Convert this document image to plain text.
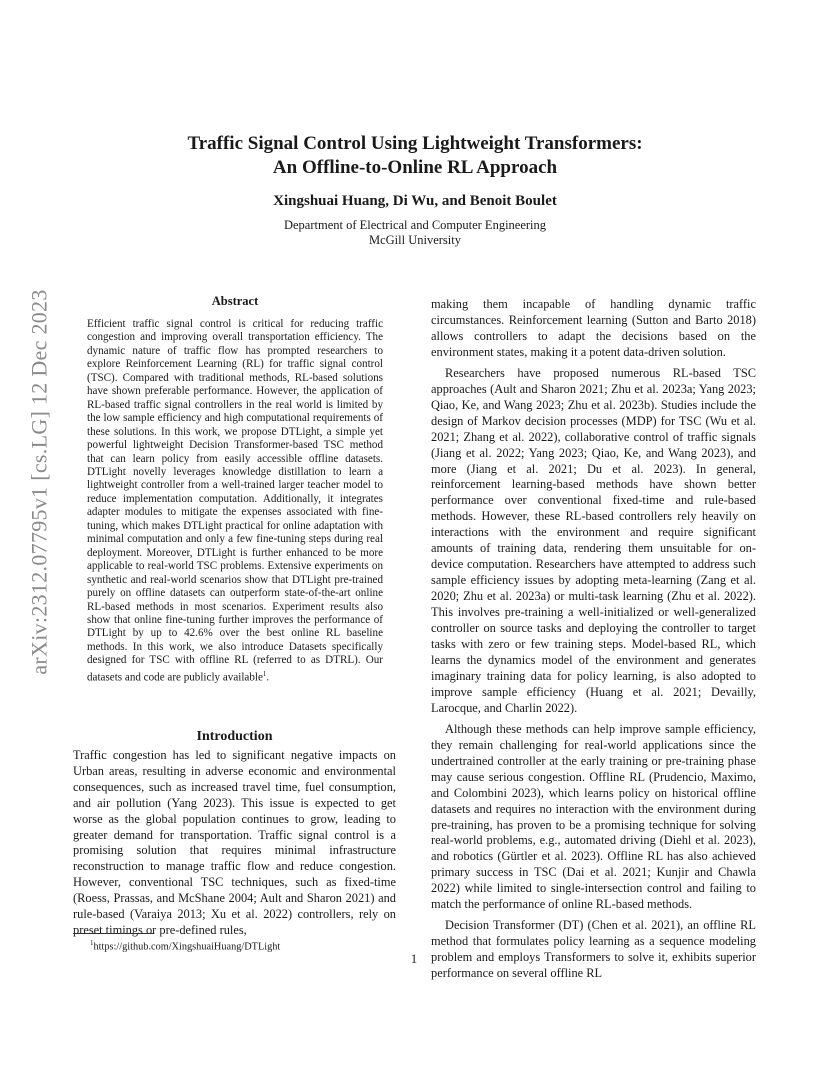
arXiv:2312.07795v1 [cs.LG] 12 Dec 2023
Traffic Signal Control Using Lightweight Transformers:
An Offline-to-Online RL Approach
Xingshuai Huang, Di Wu, and Benoit Boulet
Department of Electrical and Computer Engineering
McGill University
Abstract

Efficient traffic signal control is critical for reducing traffic congestion and improving overall transportation efficiency. The dynamic nature of traffic flow has prompted researchers to explore Reinforcement Learning (RL) for traffic signal control (TSC). Compared with traditional methods, RL-based solutions have shown preferable performance. However, the application of RL-based traffic signal controllers in the real world is limited by the low sample efficiency and high computational requirements of these solutions. In this work, we propose DTLight, a simple yet powerful lightweight Decision Transformer-based TSC method that can learn policy from easily accessible offline datasets. DTLight novelly leverages knowledge distillation to learn a lightweight controller from a well-trained larger teacher model to reduce implementation computation. Additionally, it integrates adapter modules to mitigate the expenses associated with fine-tuning, which makes DTLight practical for online adaptation with minimal computation and only a few fine-tuning steps during real deployment. Moreover, DTLight is further enhanced to be more applicable to real-world TSC problems. Extensive experiments on synthetic and real-world scenarios show that DTLight pre-trained purely on offline datasets can outperform state-of-the-art online RL-based methods in most scenarios. Experiment results also show that online fine-tuning further improves the performance of DTLight by up to 42.6% over the best online RL baseline methods. In this work, we also introduce Datasets specifically designed for TSC with offline RL (referred to as DTRL). Our datasets and code are publicly available$^1$.

Introduction

Traffic congestion has led to significant negative impacts on Urban areas, resulting in adverse economic and environmental consequences, such as increased travel time, fuel consumption, and air pollution (Yang 2023). This issue is expected to get worse as the global population continues to grow, leading to greater demand for transportation. Traffic signal control is a promising solution that requires minimal infrastructure reconstruction to manage traffic flow and reduce congestion. However, conventional TSC techniques, such as fixed-time (Roess, Prassas, and McShane 2004; Ault and Sharon 2021) and rule-based (Varaiya 2013; Xu et al. 2022) controllers, rely on preset timings or pre-defined rules,

making them incapable of handling dynamic traffic circumstances. Reinforcement learning (Sutton and Barto 2018) allows controllers to adapt the decisions based on the environment states, making it a potent data-driven solution.

Researchers have proposed numerous RL-based TSC approaches (Ault and Sharon 2021; Zhu et al. 2023a; Yang 2023; Qiao, Ke, and Wang 2023; Zhu et al. 2023b). Studies include the design of Markov decision processes (MDP) for TSC (Wu et al. 2021; Zhang et al. 2022), collaborative control of traffic signals (Jiang et al. 2022; Yang 2023; Qiao, Ke, and Wang 2023), and more (Jiang et al. 2021; Du et al. 2023). In general, reinforcement learning-based methods have shown better performance over conventional fixed-time and rule-based methods. However, these RL-based controllers rely heavily on interactions with the environment and require significant amounts of training data, rendering them unsuitable for on-device computation. Researchers have attempted to address such sample efficiency issues by adopting meta-learning (Zang et al. 2020; Zhu et al. 2023a) or multi-task learning (Zhu et al. 2022). This involves pre-training a well-initialized or well-generalized controller on source tasks and deploying the controller to target tasks with zero or few training steps. Model-based RL, which learns the dynamics model of the environment and generates imaginary training data for policy learning, is also adopted to improve sample efficiency (Huang et al. 2021; Devailly, Larocque, and Charlin 2022).

Although these methods can help improve sample efficiency, they remain challenging for real-world applications since the undertrained controller at the early training or pre-training phase may cause serious congestion. Offline RL (Prudencio, Maximo, and Colombini 2023), which learns policy on historical offline datasets and requires no interaction with the environment during pre-training, has proven to be a promising technique for solving real-world problems, e.g., automated driving (Diehl et al. 2023), and robotics (Gürtler et al. 2023). Offline RL has also achieved primary success in TSC (Dai et al. 2021; Kunjir and Chawla 2022) while limited to single-intersection control and failing to match the performance of online RL-based methods.

Decision Transformer (DT) (Chen et al. 2021), an offline RL method that formulates policy learning as a sequence modeling problem and employs Transformers to solve it, exhibits superior performance on several offline RL

$^1$https://github.com/XingshuaiHuang/DTLight
1
